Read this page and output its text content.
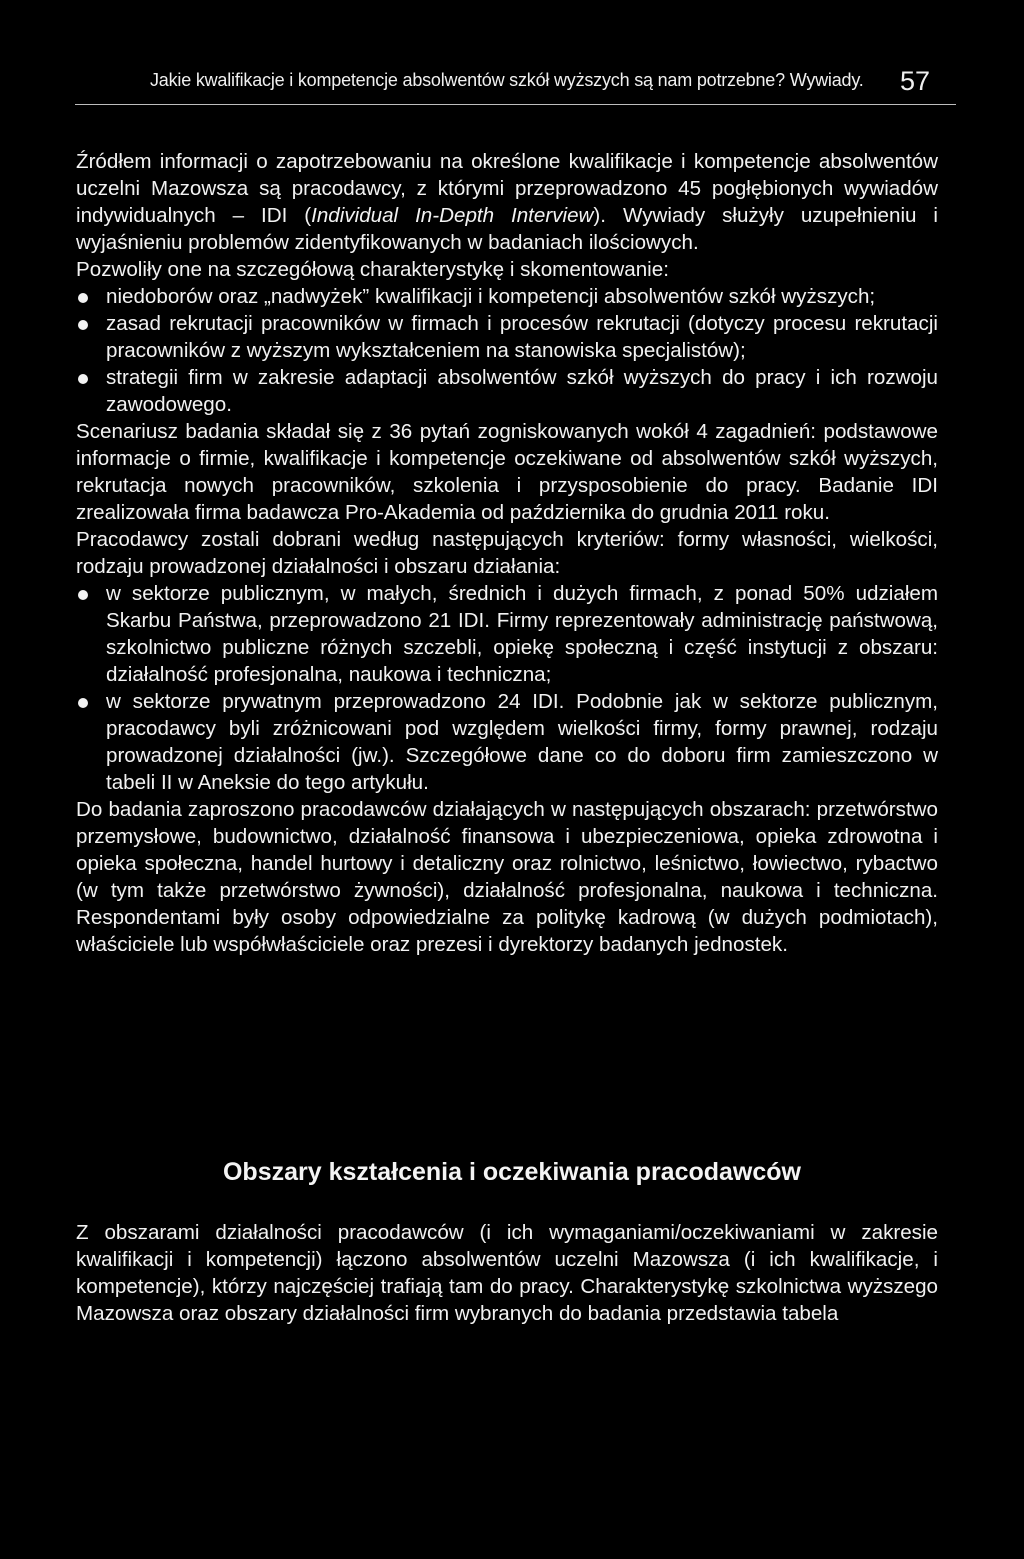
Jakie kwalifikacje i kompetencje absolwentów szkół wyższych są nam potrzebne? Wywiady. 57

Źródłem informacji o zapotrzebowaniu na określone kwalifikacje i kompetencje absolwentów uczelni Mazowsza są pracodawcy, z którymi przeprowadzono 45 pogłębionych wywiadów indywidualnych – IDI (Individual In-Depth Interview). Wywiady służyły uzupełnieniu i wyjaśnieniu problemów zidentyfikowanych w badaniach ilościowych.

Pozwoliły one na szczegółową charakterystykę i skomentowanie:

niedoborów oraz „nadwyżek” kwalifikacji i kompetencji absolwentów szkół wyższych;
zasad rekrutacji pracowników w firmach i procesów rekrutacji (dotyczy procesu rekrutacji pracowników z wyższym wykształceniem na stanowiska specjalistów);
strategii firm w zakresie adaptacji absolwentów szkół wyższych do pracy i ich rozwoju zawodowego.

Scenariusz badania składał się z 36 pytań zogniskowanych wokół 4 zagadnień: podstawowe informacje o firmie, kwalifikacje i kompetencje oczekiwane od absolwentów szkół wyższych, rekrutacja nowych pracowników, szkolenia i przysposobienie do pracy. Badanie IDI zrealizowała firma badawcza Pro-Akademia od października do grudnia 2011 roku.

Pracodawcy zostali dobrani według następujących kryteriów: formy własności, wielkości, rodzaju prowadzonej działalności i obszaru działania:

w sektorze publicznym, w małych, średnich i dużych firmach, z ponad 50% udziałem Skarbu Państwa, przeprowadzono 21 IDI. Firmy reprezentowały administrację państwową, szkolnictwo publiczne różnych szczebli, opiekę społeczną i część instytucji z obszaru: działalność profesjonalna, naukowa i techniczna;
w sektorze prywatnym przeprowadzono 24 IDI. Podobnie jak w sektorze publicznym, pracodawcy byli zróżnicowani pod względem wielkości firmy, formy prawnej, rodzaju prowadzonej działalności (jw.). Szczegółowe dane co do doboru firm zamieszczono w tabeli II w Aneksie do tego artykułu.

Do badania zaproszono pracodawców działających w następujących obszarach: przetwórstwo przemysłowe, budownictwo, działalność finansowa i ubezpieczeniowa, opieka zdrowotna i opieka społeczna, handel hurtowy i detaliczny oraz rolnictwo, leśnictwo, łowiectwo, rybactwo (w tym także przetwórstwo żywności), działalność profesjonalna, naukowa i techniczna. Respondentami były osoby odpowiedzialne za politykę kadrową (w dużych podmiotach), właściciele lub współwłaściciele oraz prezesi i dyrektorzy badanych jednostek.

Obszary kształcenia i oczekiwania pracodawców

Z obszarami działalności pracodawców (i ich wymaganiami/oczekiwaniami w zakresie kwalifikacji i kompetencji) łączono absolwentów uczelni Mazowsza (i ich kwalifikacje, i kompetencje), którzy najczęściej trafiają tam do pracy. Charakterystykę szkolnictwa wyższego Mazowsza oraz obszary działalności firm wybranych do badania przedstawia tabela
